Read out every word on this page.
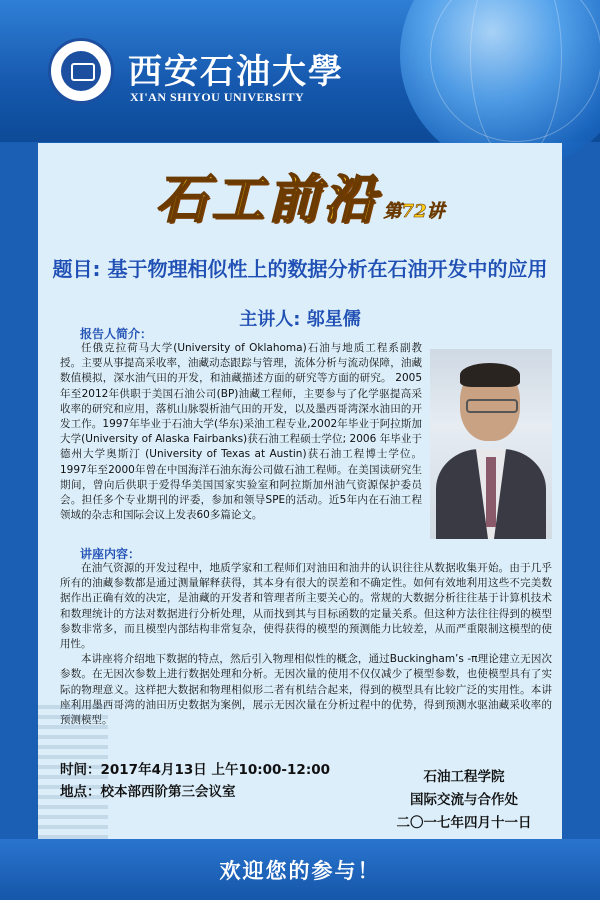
西安石油大學
XI'AN SHIYOU UNIVERSITY
石工前沿 第72讲
题目: 基于物理相似性上的数据分析在石油开发中的应用
主讲人: 邬星儒
报告人简介：

任俄克拉荷马大学(University of Oklahoma)石油与地质工程系副教授。主要从事提高采收率，油藏动态跟踪与管理，流体分析与流动保障，油藏数值模拟，深水油气田的开发，和油藏描述方面的研究等方面的研究。 2005年至2012年供职于美国石油公司(BP)油藏工程师，主要参与了化学驱提高采收率的研究和应用，落机山脉裂析油气田的开发，以及墨西哥湾深水油田的开发工作。1997年毕业于石油大学(华东)采油工程专业,2002年毕业于阿拉斯加大学(University of Alaska Fairbanks)获石油工程硕士学位; 2006 年毕业于德州大学奥斯汀 (University of Texas at Austin)获石油工程博士学位。 1997年至2000年曾在中国海洋石油东海公司做石油工程师。在美国读研究生期间，曾向后供职于爱得华美国国家实验室和阿拉斯加州油气资源保护委员会。担任多个专业期刊的评委，参加和领导SPE的活动。近5年内在石油工程领域的杂志和国际会议上发表60多篇论文。

讲座内容：

在油气资源的开发过程中，地质学家和工程师们对油田和油井的认识往往从数据收集开始。由于几乎所有的油藏参数都是通过测量解释获得，其本身有很大的误差和不确定性。如何有效地利用这些不完美数据作出正确有效的决定，是油藏的开发者和管理者所主要关心的。常规的大数据分析往往基于计算机技术和数理统计的方法对数据进行分析处理，从而找到其与目标函数的定量关系。但这种方法往往得到的模型参数非常多，而且模型内部结构非常复杂，使得获得的模型的预测能力比较差，从而严重限制这模型的使用性。

本讲座将介绍地下数据的特点，然后引入物理相似性的概念，通过Buckingham’s -π理论建立无因次参数。在无因次参数上进行数据处理和分析。无因次量的使用不仅仅减少了模型参数，也使模型具有了实际的物理意义。这样把大数据和物理相似形二者有机结合起来，得到的模型具有比较广泛的实用性。本讲座利用墨西哥湾的油田历史数据为案例，展示无因次量在分析过程中的优势，得到预测水驱油藏采收率的预测模型。

时间：2017年4月13日 上午10:00-12:00
地点：校本部西阶第三会议室
石油工程学院
国际交流与合作处
二〇一七年四月十一日
欢迎您的参与！
